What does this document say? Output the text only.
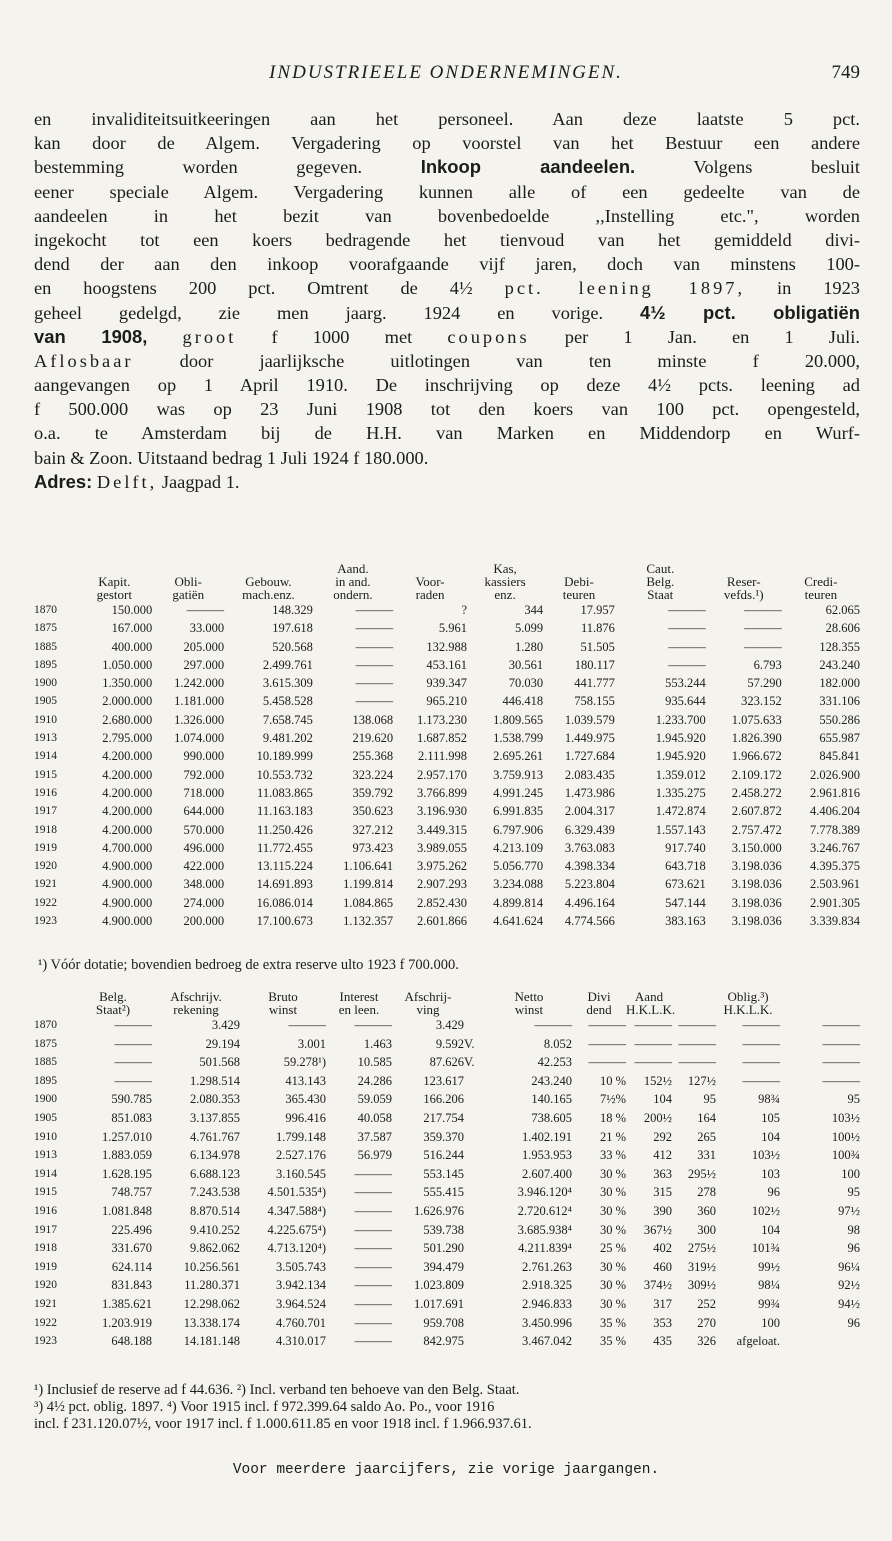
INDUSTRIEELE ONDERNEMINGEN.	749
en invaliditeitsuitkeeringen aan het personeel. Aan deze laatste 5 pct.
kan door de Algem. Vergadering op voorstel van het Bestuur een andere
bestemming worden gegeven. Inkoop aandeelen. Volgens besluit
eener speciale Algem. Vergadering kunnen alle of een gedeelte van de
aandeelen in het bezit van bovenbedoelde ,,Instelling etc.", worden
ingekocht tot een koers bedragende het tienvoud van het gemiddeld divi-
dend der aan den inkoop voorafgaande vijf jaren, doch van minstens 100-
en hoogstens 200 pct. Omtrent de 4½ pct. leening 1897, in 1923
geheel gedelgd, zie men jaarg. 1924 en vorige. 4½ pct. obligatiën
van 1908, groot f 1000 met coupons per 1 Jan. en 1 Juli.
Aflosbaar door jaarlijksche uitlotingen van ten minste f 20.000,
aangevangen op 1 April 1910. De inschrijving op deze 4½ pcts. leening ad
f 500.000 was op 23 Juni 1908 tot den koers van 100 pct. opengesteld,
o.a. te Amsterdam bij de H.H. van Marken en Middendorp en Wurf-
bain & Zoon. Uitstaand bedrag 1 Juli 1924 f 180.000.
Adres: Delft, Jaagpad 1.
				Aand.		Kas,		Caut.		
	Kapit.	Obli-	Gebouw.	in and.	Voor-	kassiers	Debi-	Belg.	Reser-	Credi-
	gestort	gatiën	mach.enz.	ondern.	raden	enz.	teuren	Staat	vefds.¹)	teuren
1870	150.000	———	148.329	———	?	344	17.957	———	———	62.065
1875	167.000	33.000	197.618	———	5.961	5.099	11.876	———	———	28.606
1885	400.000	205.000	520.568	———	132.988	1.280	51.505	———	———	128.355
1895	1.050.000	297.000	2.499.761	———	453.161	30.561	180.117	———	6.793	243.240
1900	1.350.000	1.242.000	3.615.309	———	939.347	70.030	441.777	553.244	57.290	182.000
1905	2.000.000	1.181.000	5.458.528	———	965.210	446.418	758.155	935.644	323.152	331.106
1910	2.680.000	1.326.000	7.658.745	138.068	1.173.230	1.809.565	1.039.579	1.233.700	1.075.633	550.286
1913	2.795.000	1.074.000	9.481.202	219.620	1.687.852	1.538.799	1.449.975	1.945.920	1.826.390	655.987
1914	4.200.000	990.000	10.189.999	255.368	2.111.998	2.695.261	1.727.684	1.945.920	1.966.672	845.841
1915	4.200.000	792.000	10.553.732	323.224	2.957.170	3.759.913	2.083.435	1.359.012	2.109.172	2.026.900
1916	4.200.000	718.000	11.083.865	359.792	3.766.899	4.991.245	1.473.986	1.335.275	2.458.272	2.961.816
1917	4.200.000	644.000	11.163.183	350.623	3.196.930	6.991.835	2.004.317	1.472.874	2.607.872	4.406.204
1918	4.200.000	570.000	11.250.426	327.212	3.449.315	6.797.906	6.329.439	1.557.143	2.757.472	7.778.389
1919	4.700.000	496.000	11.772.455	973.423	3.989.055	4.213.109	3.763.083	917.740	3.150.000	3.246.767
1920	4.900.000	422.000	13.115.224	1.106.641	3.975.262	5.056.770	4.398.334	643.718	3.198.036	4.395.375
1921	4.900.000	348.000	14.691.893	1.199.814	2.907.293	3.234.088	5.223.804	673.621	3.198.036	2.503.961
1922	4.900.000	274.000	16.086.014	1.084.865	2.852.430	4.899.814	4.496.164	547.144	3.198.036	2.901.305
1923	4.900.000	200.000	17.100.673	1.132.357	2.601.866	4.641.624	4.774.566	383.163	3.198.036	3.339.834
¹) Vóór dotatie; bovendien bedroeg de extra reserve ulto 1923 f 700.000.
	Belg.	Afschrijv.	Bruto	Interest	Afschrij-		Netto	Divi	Aand		Oblig.³)	
	Staat²)	rekening	winst	en leen.	ving		winst	dend	H.K.L.K.		H.K.L.K.	
1870	———	3.429	———	———	3.429		———	———	———	———	———	———
1875	———	29.194	3.001	1.463	9.592	V.	8.052	———	———	———	———	———
1885	———	501.568	59.278¹)	10.585	87.626	V.	42.253	———	———	———	———	———
1895	———	1.298.514	413.143	24.286	123.617		243.240	10 %	152½	127½	———	———
1900	590.785	2.080.353	365.430	59.059	166.206		140.165	7½%	104	95	98¾	95
1905	851.083	3.137.855	996.416	40.058	217.754		738.605	18 %	200½	164	105	103½
1910	1.257.010	4.761.767	1.799.148	37.587	359.370		1.402.191	21 %	292	265	104	100½
1913	1.883.059	6.134.978	2.527.176	56.979	516.244		1.953.953	33 %	412	331	103½	100¾
1914	1.628.195	6.688.123	3.160.545	———	553.145		2.607.400	30 %	363	295½	103	100
1915	748.757	7.243.538	4.501.535⁴)	———	555.415		3.946.120⁴	30 %	315	278	96	95
1916	1.081.848	8.870.514	4.347.588⁴)	———	1.626.976		2.720.612⁴	30 %	390	360	102½	97½
1917	225.496	9.410.252	4.225.675⁴)	———	539.738		3.685.938⁴	30 %	367½	300	104	98
1918	331.670	9.862.062	4.713.120⁴)	———	501.290		4.211.839⁴	25 %	402	275½	101¾	96
1919	624.114	10.256.561	3.505.743	———	394.479		2.761.263	30 %	460	319½	99½	96¼
1920	831.843	11.280.371	3.942.134	———	1.023.809		2.918.325	30 %	374½	309½	98¼	92½
1921	1.385.621	12.298.062	3.964.524	———	1.017.691		2.946.833	30 %	317	252	99¾	94½
1922	1.203.919	13.338.174	4.760.701	———	959.708		3.450.996	35 %	353	270	100	96
1923	648.188	14.181.148	4.310.017	———	842.975		3.467.042	35 %	435	326	afgeloat.	
¹) Inclusief de reserve ad f 44.636. ²) Incl. verband ten behoeve van den Belg. Staat.
³) 4½ pct. oblig. 1897. ⁴) Voor 1915 incl. f 972.399.64 saldo Ao. Po., voor 1916
incl. f 231.120.07½, voor 1917 incl. f 1.000.611.85 en voor 1918 incl. f 1.966.937.61.
Voor meerdere jaarcijfers, zie vorige jaargangen.
